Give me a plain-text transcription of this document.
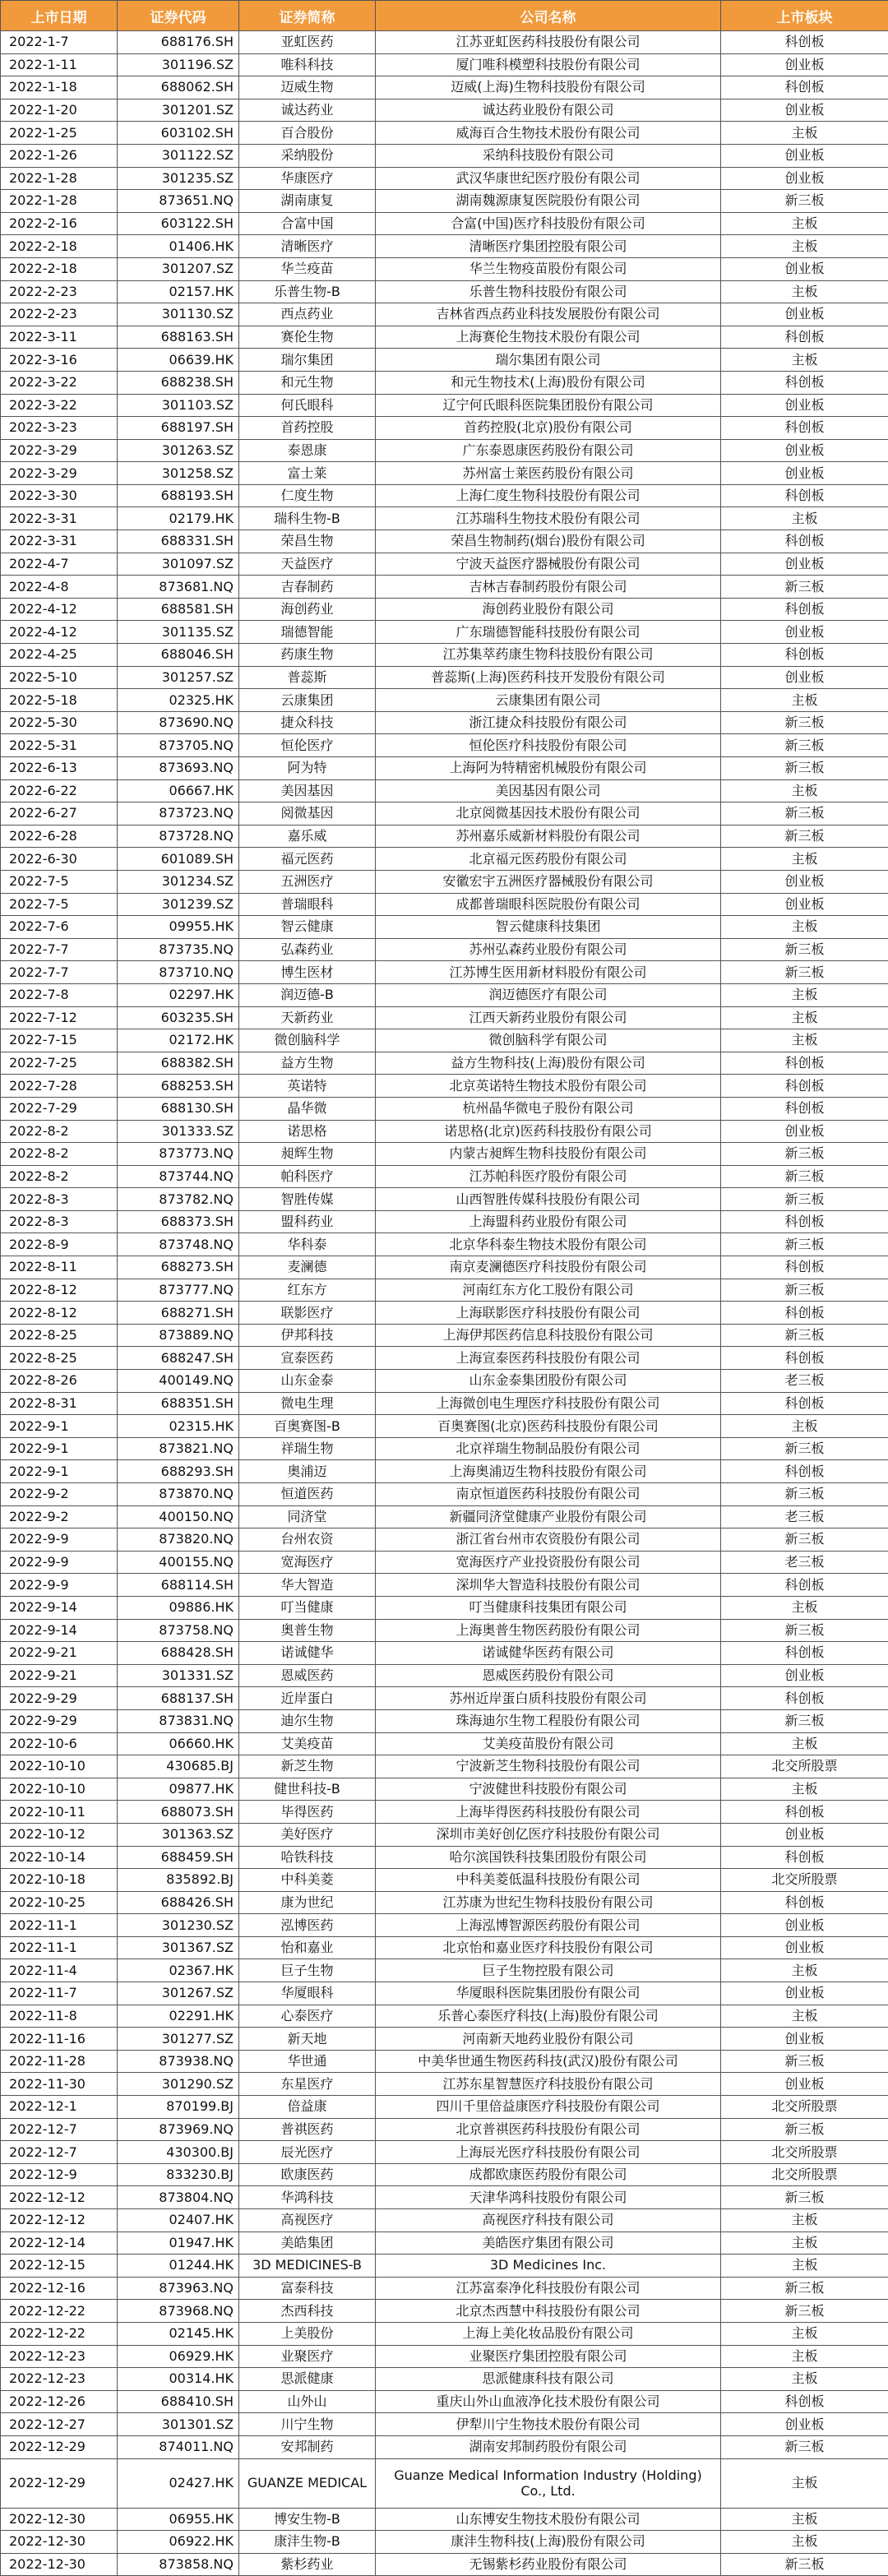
上市日期	证券代码	证券简称	公司名称	上市板块
2022-1-7	688176.SH	亚虹医药	江苏亚虹医药科技股份有限公司	科创板
2022-1-11	301196.SZ	唯科科技	厦门唯科模塑科技股份有限公司	创业板
2022-1-18	688062.SH	迈威生物	迈威(上海)生物科技股份有限公司	科创板
2022-1-20	301201.SZ	诚达药业	诚达药业股份有限公司	创业板
2022-1-25	603102.SH	百合股份	威海百合生物技术股份有限公司	主板
2022-1-26	301122.SZ	采纳股份	采纳科技股份有限公司	创业板
2022-1-28	301235.SZ	华康医疗	武汉华康世纪医疗股份有限公司	创业板
2022-1-28	873651.NQ	湖南康复	湖南魏源康复医院股份有限公司	新三板
2022-2-16	603122.SH	合富中国	合富(中国)医疗科技股份有限公司	主板
2022-2-18	01406.HK	清晰医疗	清晰医疗集团控股有限公司	主板
2022-2-18	301207.SZ	华兰疫苗	华兰生物疫苗股份有限公司	创业板
2022-2-23	02157.HK	乐普生物-B	乐普生物科技股份有限公司	主板
2022-2-23	301130.SZ	西点药业	吉林省西点药业科技发展股份有限公司	创业板
2022-3-11	688163.SH	赛伦生物	上海赛伦生物技术股份有限公司	科创板
2022-3-16	06639.HK	瑞尔集团	瑞尔集团有限公司	主板
2022-3-22	688238.SH	和元生物	和元生物技术(上海)股份有限公司	科创板
2022-3-22	301103.SZ	何氏眼科	辽宁何氏眼科医院集团股份有限公司	创业板
2022-3-23	688197.SH	首药控股	首药控股(北京)股份有限公司	科创板
2022-3-29	301263.SZ	泰恩康	广东泰恩康医药股份有限公司	创业板
2022-3-29	301258.SZ	富士莱	苏州富士莱医药股份有限公司	创业板
2022-3-30	688193.SH	仁度生物	上海仁度生物科技股份有限公司	科创板
2022-3-31	02179.HK	瑞科生物-B	江苏瑞科生物技术股份有限公司	主板
2022-3-31	688331.SH	荣昌生物	荣昌生物制药(烟台)股份有限公司	科创板
2022-4-7	301097.SZ	天益医疗	宁波天益医疗器械股份有限公司	创业板
2022-4-8	873681.NQ	吉春制药	吉林吉春制药股份有限公司	新三板
2022-4-12	688581.SH	海创药业	海创药业股份有限公司	科创板
2022-4-12	301135.SZ	瑞德智能	广东瑞德智能科技股份有限公司	创业板
2022-4-25	688046.SH	药康生物	江苏集萃药康生物科技股份有限公司	科创板
2022-5-10	301257.SZ	普蕊斯	普蕊斯(上海)医药科技开发股份有限公司	创业板
2022-5-18	02325.HK	云康集团	云康集团有限公司	主板
2022-5-30	873690.NQ	捷众科技	浙江捷众科技股份有限公司	新三板
2022-5-31	873705.NQ	恒伦医疗	恒伦医疗科技股份有限公司	新三板
2022-6-13	873693.NQ	阿为特	上海阿为特精密机械股份有限公司	新三板
2022-6-22	06667.HK	美因基因	美因基因有限公司	主板
2022-6-27	873723.NQ	阅微基因	北京阅微基因技术股份有限公司	新三板
2022-6-28	873728.NQ	嘉乐威	苏州嘉乐威新材料股份有限公司	新三板
2022-6-30	601089.SH	福元医药	北京福元医药股份有限公司	主板
2022-7-5	301234.SZ	五洲医疗	安徽宏宇五洲医疗器械股份有限公司	创业板
2022-7-5	301239.SZ	普瑞眼科	成都普瑞眼科医院股份有限公司	创业板
2022-7-6	09955.HK	智云健康	智云健康科技集团	主板
2022-7-7	873735.NQ	弘森药业	苏州弘森药业股份有限公司	新三板
2022-7-7	873710.NQ	博生医材	江苏博生医用新材料股份有限公司	新三板
2022-7-8	02297.HK	润迈德-B	润迈德医疗有限公司	主板
2022-7-12	603235.SH	天新药业	江西天新药业股份有限公司	主板
2022-7-15	02172.HK	微创脑科学	微创脑科学有限公司	主板
2022-7-25	688382.SH	益方生物	益方生物科技(上海)股份有限公司	科创板
2022-7-28	688253.SH	英诺特	北京英诺特生物技术股份有限公司	科创板
2022-7-29	688130.SH	晶华微	杭州晶华微电子股份有限公司	科创板
2022-8-2	301333.SZ	诺思格	诺思格(北京)医药科技股份有限公司	创业板
2022-8-2	873773.NQ	昶辉生物	内蒙古昶辉生物科技股份有限公司	新三板
2022-8-2	873744.NQ	帕科医疗	江苏帕科医疗股份有限公司	新三板
2022-8-3	873782.NQ	智胜传媒	山西智胜传媒科技股份有限公司	新三板
2022-8-3	688373.SH	盟科药业	上海盟科药业股份有限公司	科创板
2022-8-9	873748.NQ	华科泰	北京华科泰生物技术股份有限公司	新三板
2022-8-11	688273.SH	麦澜德	南京麦澜德医疗科技股份有限公司	科创板
2022-8-12	873777.NQ	红东方	河南红东方化工股份有限公司	新三板
2022-8-12	688271.SH	联影医疗	上海联影医疗科技股份有限公司	科创板
2022-8-25	873889.NQ	伊邦科技	上海伊邦医药信息科技股份有限公司	新三板
2022-8-25	688247.SH	宣泰医药	上海宣泰医药科技股份有限公司	科创板
2022-8-26	400149.NQ	山东金泰	山东金泰集团股份有限公司	老三板
2022-8-31	688351.SH	微电生理	上海微创电生理医疗科技股份有限公司	科创板
2022-9-1	02315.HK	百奥赛图-B	百奥赛图(北京)医药科技股份有限公司	主板
2022-9-1	873821.NQ	祥瑞生物	北京祥瑞生物制品股份有限公司	新三板
2022-9-1	688293.SH	奥浦迈	上海奥浦迈生物科技股份有限公司	科创板
2022-9-2	873870.NQ	恒道医药	南京恒道医药科技股份有限公司	新三板
2022-9-2	400150.NQ	同济堂	新疆同济堂健康产业股份有限公司	老三板
2022-9-9	873820.NQ	台州农资	浙江省台州市农资股份有限公司	新三板
2022-9-9	400155.NQ	宽海医疗	宽海医疗产业投资股份有限公司	老三板
2022-9-9	688114.SH	华大智造	深圳华大智造科技股份有限公司	科创板
2022-9-14	09886.HK	叮当健康	叮当健康科技集团有限公司	主板
2022-9-14	873758.NQ	奥普生物	上海奥普生物医药股份有限公司	新三板
2022-9-21	688428.SH	诺诚健华	诺诚健华医药有限公司	科创板
2022-9-21	301331.SZ	恩威医药	恩威医药股份有限公司	创业板
2022-9-29	688137.SH	近岸蛋白	苏州近岸蛋白质科技股份有限公司	科创板
2022-9-29	873831.NQ	迪尔生物	珠海迪尔生物工程股份有限公司	新三板
2022-10-6	06660.HK	艾美疫苗	艾美疫苗股份有限公司	主板
2022-10-10	430685.BJ	新芝生物	宁波新芝生物科技股份有限公司	北交所股票
2022-10-10	09877.HK	健世科技-B	宁波健世科技股份有限公司	主板
2022-10-11	688073.SH	毕得医药	上海毕得医药科技股份有限公司	科创板
2022-10-12	301363.SZ	美好医疗	深圳市美好创亿医疗科技股份有限公司	创业板
2022-10-14	688459.SH	哈铁科技	哈尔滨国铁科技集团股份有限公司	科创板
2022-10-18	835892.BJ	中科美菱	中科美菱低温科技股份有限公司	北交所股票
2022-10-25	688426.SH	康为世纪	江苏康为世纪生物科技股份有限公司	科创板
2022-11-1	301230.SZ	泓博医药	上海泓博智源医药股份有限公司	创业板
2022-11-1	301367.SZ	怡和嘉业	北京怡和嘉业医疗科技股份有限公司	创业板
2022-11-4	02367.HK	巨子生物	巨子生物控股有限公司	主板
2022-11-7	301267.SZ	华厦眼科	华厦眼科医院集团股份有限公司	创业板
2022-11-8	02291.HK	心泰医疗	乐普心泰医疗科技(上海)股份有限公司	主板
2022-11-16	301277.SZ	新天地	河南新天地药业股份有限公司	创业板
2022-11-28	873938.NQ	华世通	中美华世通生物医药科技(武汉)股份有限公司	新三板
2022-11-30	301290.SZ	东星医疗	江苏东星智慧医疗科技股份有限公司	创业板
2022-12-1	870199.BJ	倍益康	四川千里倍益康医疗科技股份有限公司	北交所股票
2022-12-7	873969.NQ	普祺医药	北京普祺医药科技股份有限公司	新三板
2022-12-7	430300.BJ	辰光医疗	上海辰光医疗科技股份有限公司	北交所股票
2022-12-9	833230.BJ	欧康医药	成都欧康医药股份有限公司	北交所股票
2022-12-12	873804.NQ	华鸿科技	天津华鸿科技股份有限公司	新三板
2022-12-12	02407.HK	高视医疗	高视医疗科技有限公司	主板
2022-12-14	01947.HK	美皓集团	美皓医疗集团有限公司	主板
2022-12-15	01244.HK	3D MEDICINES-B	3D Medicines Inc.	主板
2022-12-16	873963.NQ	富泰科技	江苏富泰净化科技股份有限公司	新三板
2022-12-22	873968.NQ	杰西科技	北京杰西慧中科技股份有限公司	新三板
2022-12-22	02145.HK	上美股份	上海上美化妆品股份有限公司	主板
2022-12-23	06929.HK	业聚医疗	业聚医疗集团控股有限公司	主板
2022-12-23	00314.HK	思派健康	思派健康科技有限公司	主板
2022-12-26	688410.SH	山外山	重庆山外山血液净化技术股份有限公司	科创板
2022-12-27	301301.SZ	川宁生物	伊犁川宁生物技术股份有限公司	创业板
2022-12-29	874011.NQ	安邦制药	湖南安邦制药股份有限公司	新三板
2022-12-29	02427.HK	GUANZE MEDICAL	Guanze Medical Information Industry (Holding) Co., Ltd.	主板
2022-12-30	06955.HK	博安生物-B	山东博安生物技术股份有限公司	主板
2022-12-30	06922.HK	康沣生物-B	康沣生物科技(上海)股份有限公司	主板
2022-12-30	873858.NQ	紫杉药业	无锡紫杉药业股份有限公司	新三板
